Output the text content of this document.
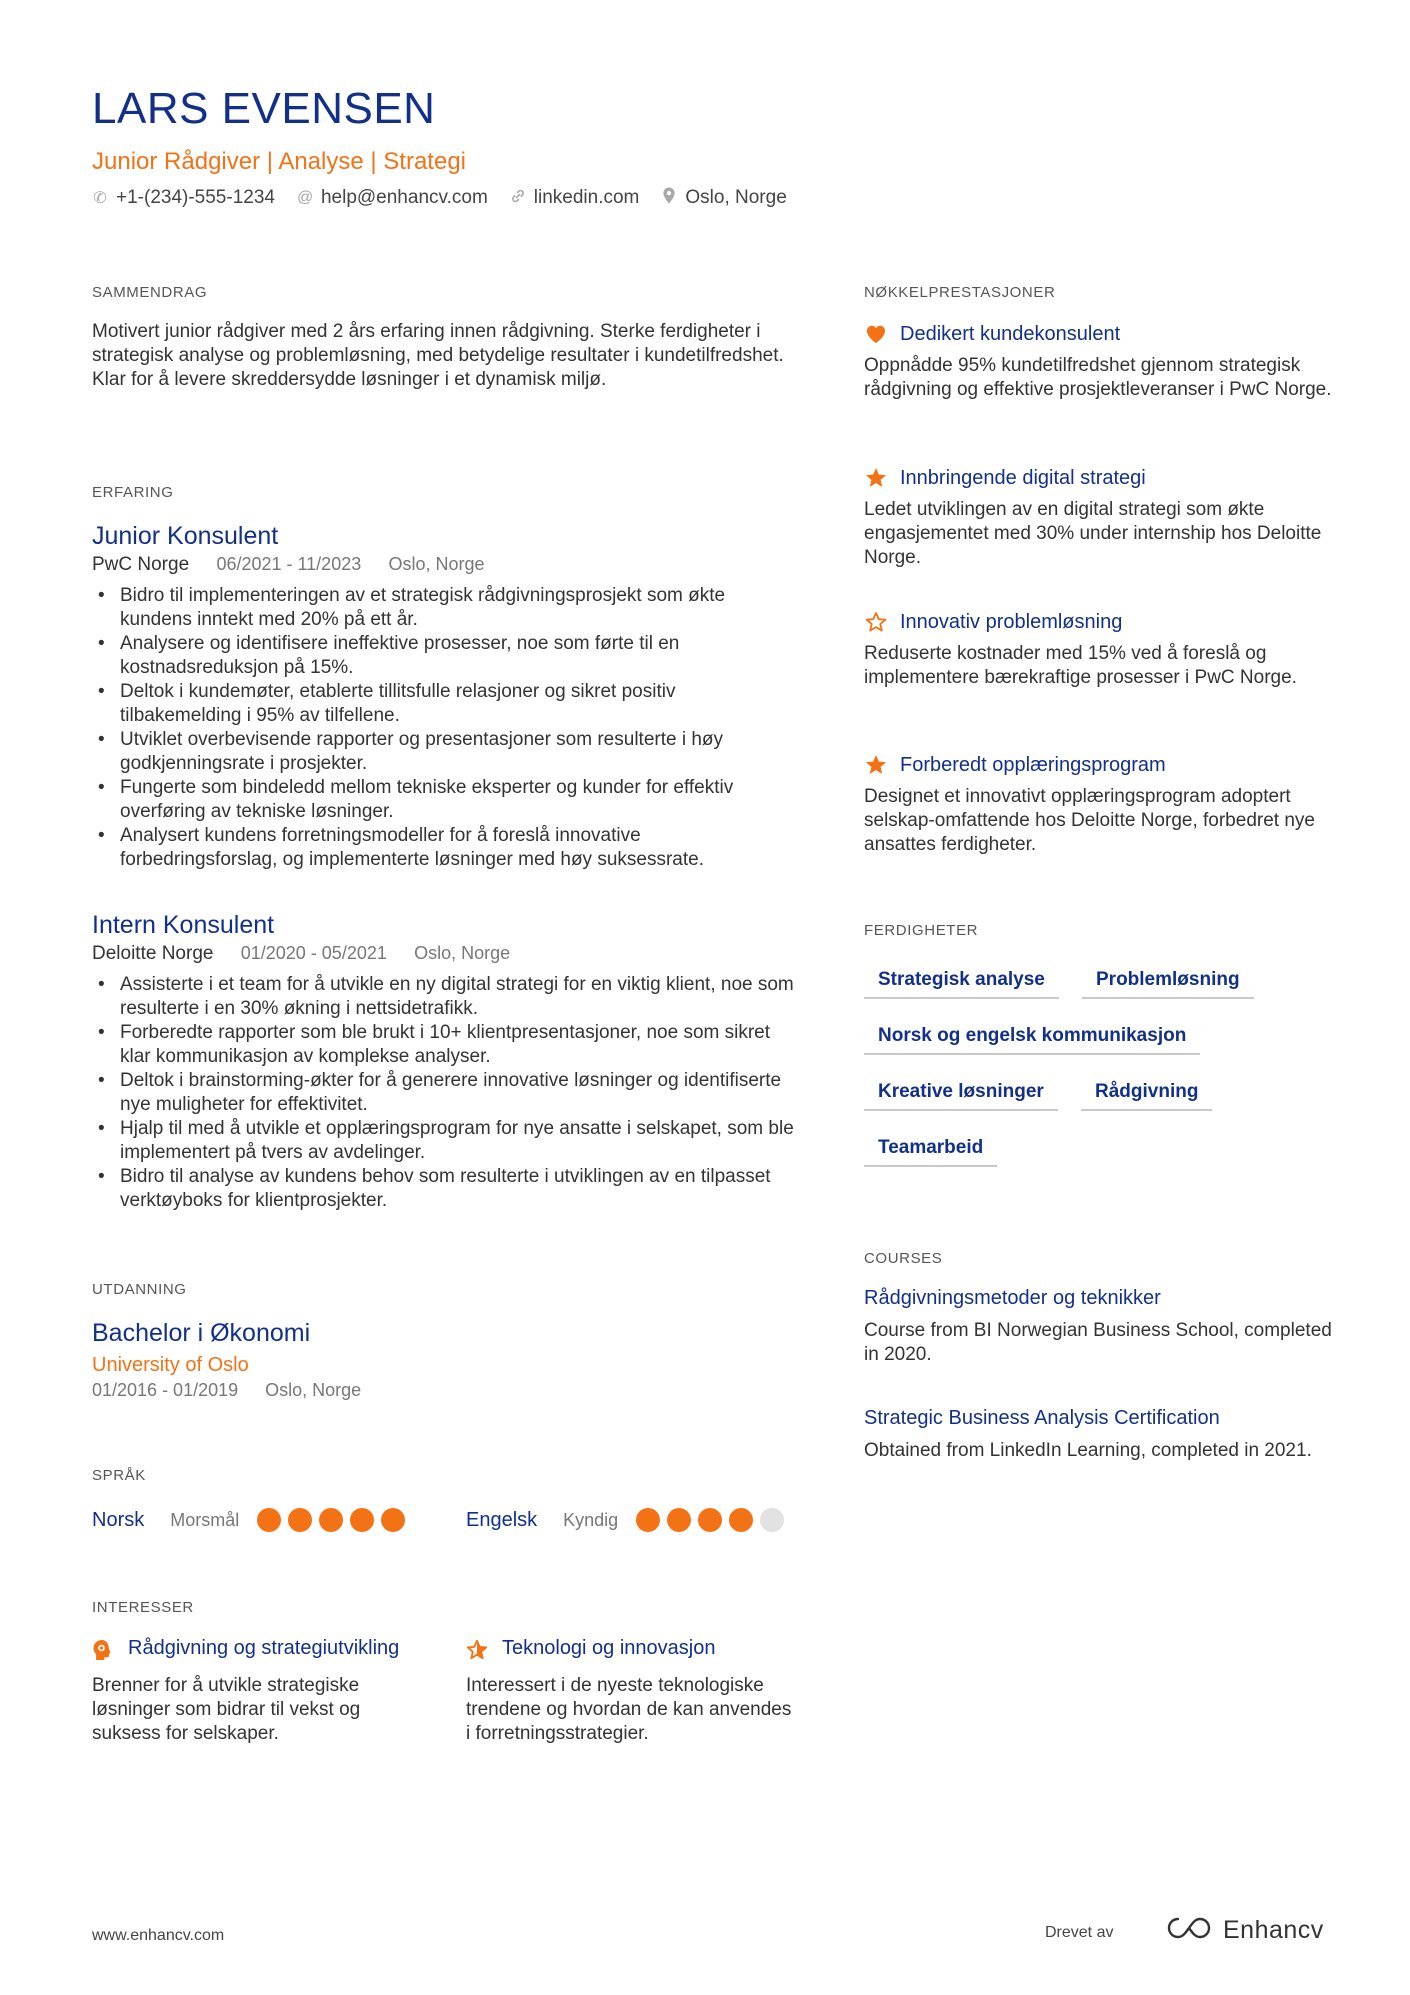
LARS EVENSEN
Junior Rådgiver | Analyse | Strategi
✆ +1-(234)-555-1234 @ help@enhancv.com linkedin.com Oslo, Norge
SAMMENDRAG
Motivert junior rådgiver med 2 års erfaring innen rådgivning. Sterke ferdigheter i strategisk analyse og problemløsning, med betydelige resultater i kundetilfredshet. Klar for å levere skreddersydde løsninger i et dynamisk miljø.
ERFARING
Junior Konsulent
PwC Norge 06/2021 - 11/2023 Oslo, Norge
• Bidro til implementeringen av et strategisk rådgivningsprosjekt som økte kundens inntekt med 20% på ett år.
• Analysere og identifisere ineffektive prosesser, noe som førte til en kostnadsreduksjon på 15%.
• Deltok i kundemøter, etablerte tillitsfulle relasjoner og sikret positiv tilbakemelding i 95% av tilfellene.
• Utviklet overbevisende rapporter og presentasjoner som resulterte i høy godkjenningsrate i prosjekter.
• Fungerte som bindeledd mellom tekniske eksperter og kunder for effektiv overføring av tekniske løsninger.
• Analysert kundens forretningsmodeller for å foreslå innovative forbedringsforslag, og implementerte løsninger med høy suksessrate.
Intern Konsulent
Deloitte Norge 01/2020 - 05/2021 Oslo, Norge
• Assisterte i et team for å utvikle en ny digital strategi for en viktig klient, noe som resulterte i en 30% økning i nettsidetrafikk.
• Forberedte rapporter som ble brukt i 10+ klientpresentasjoner, noe som sikret klar kommunikasjon av komplekse analyser.
• Deltok i brainstorming-økter for å generere innovative løsninger og identifiserte nye muligheter for effektivitet.
• Hjalp til med å utvikle et opplæringsprogram for nye ansatte i selskapet, som ble implementert på tvers av avdelinger.
• Bidro til analyse av kundens behov som resulterte i utviklingen av en tilpasset verktøyboks for klientprosjekter.
UTDANNING
Bachelor i Økonomi
University of Oslo
01/2016 - 01/2019 Oslo, Norge
SPRÅK
Norsk Morsmål	Engelsk Kyndig
INTERESSER
Rådgivning og strategiutvikling
Brenner for å utvikle strategiske løsninger som bidrar til vekst og suksess for selskaper.
Teknologi og innovasjon
Interessert i de nyeste teknologiske trendene og hvordan de kan anvendes i forretningsstrategier.
NØKKELPRESTASJONER
Dedikert kundekonsulent
Oppnådde 95% kundetilfredshet gjennom strategisk rådgivning og effektive prosjektleveranser i PwC Norge.
Innbringende digital strategi
Ledet utviklingen av en digital strategi som økte engasjementet med 30% under internship hos Deloitte Norge.
Innovativ problemløsning
Reduserte kostnader med 15% ved å foreslå og implementere bærekraftige prosesser i PwC Norge.
Forberedt opplæringsprogram
Designet et innovativt opplæringsprogram adoptert selskap-omfattende hos Deloitte Norge, forbedret nye ansattes ferdigheter.
FERDIGHETER
Strategisk analyse	Problemløsning
Norsk og engelsk kommunikasjon
Kreative løsninger	Rådgivning
Teamarbeid
COURSES
Rådgivningsmetoder og teknikker
Course from BI Norwegian Business School, completed in 2020.
Strategic Business Analysis Certification
Obtained from LinkedIn Learning, completed in 2021.
www.enhancv.com	Drevet av	Enhancv
